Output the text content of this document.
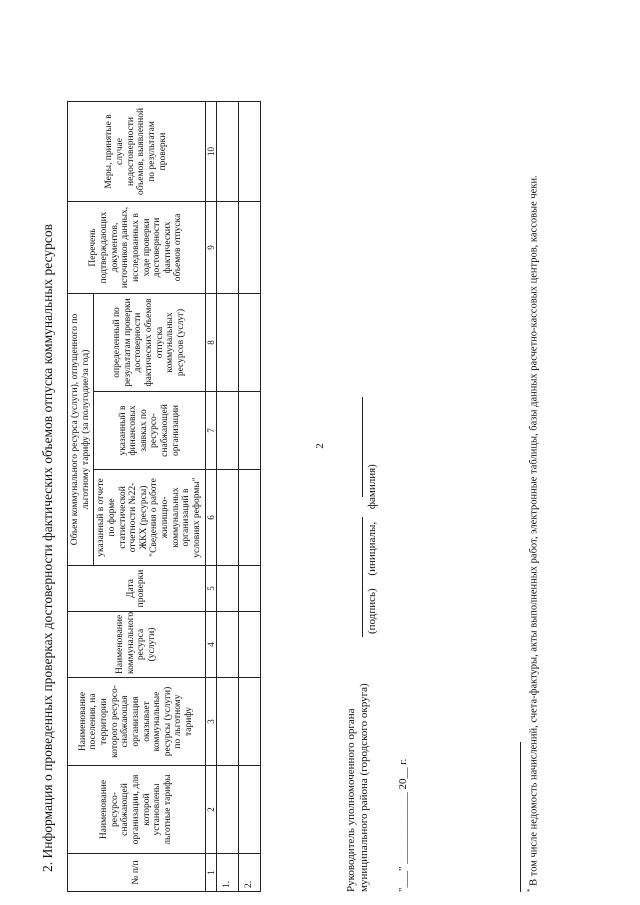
2
2. Информация о проведенных проверках достоверности фактических объемов отпуска коммунальных ресурсов
№ п/п	Наименование ресурсо-снабжающей организации, для которой установлены льготные тарифы	Наименование поселения, на территории которого ресурсо-снабжающая организация оказывает коммунальные ресурсы (услуги) по льготному тарифу	Наименование коммунального ресурса (услуги)	Дата проверки	Объем коммунального ресурса (услуги), отпущенного по льготному тарифу (за полугодие/за год)			Перечень подтверждающих документов, источников данных, исследованных в ходе проверки достоверности фактических объемов отпуска	Меры, принятые в случае недостоверности объемов, выявленной по результатам проверки
					указанный в отчете по форме статистической отчетности №22-ЖКХ (ресурсы) "Сведения о работе жилищно-коммунальных организаций в условиях реформы"	указанный в финансовых заявках по ресурсо-снабжающей организации	определенный по результатам проверки достоверности фактических объемов отпуска коммунальных ресурсов (услуг)		
1	2	3	4	5	6	7	8	9	10
1.									
2.										Руководитель уполномоченного органа муниципального района (городского округа)
(подпись) (инициалы, фамилия)
"___" _____________ 20__ г.	* В том числе недомость начислений, счета-фактуры, акты выполненных работ, электронные таблицы, базы данных расчетно-кассовых центров, кассовые чеки.
